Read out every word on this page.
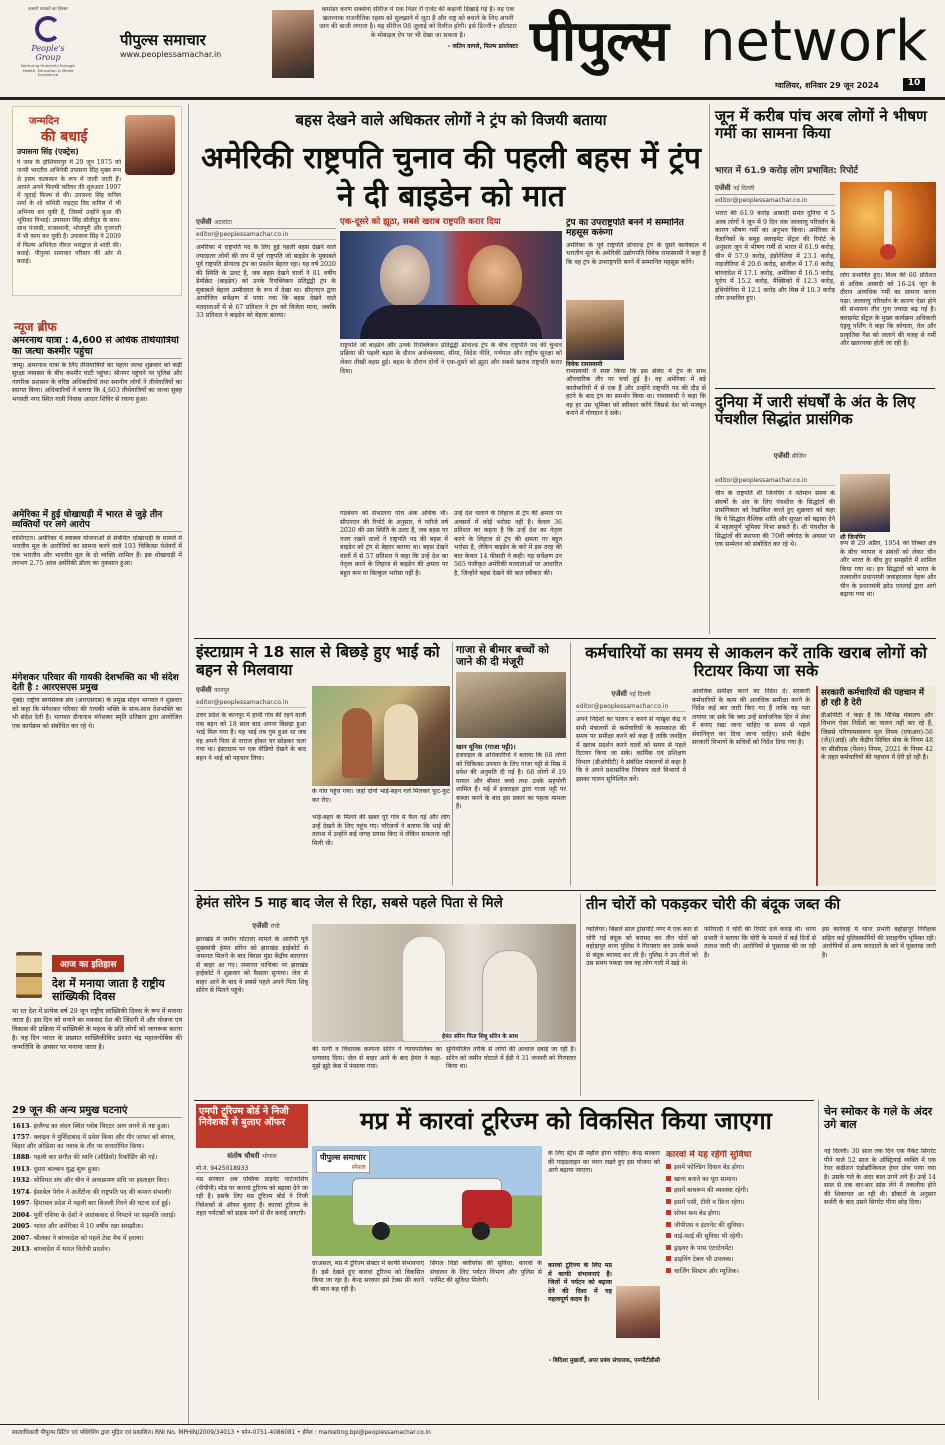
हजारों पाठकों का हिस्सा
People's Group
Nurturing Humanity through Health, Education & Media Excellence
पीपुल्स समाचार
www.peoplessamachar.in
कमांडर करण सक्सेना सीरीज में एक निडर रॉ एजेंट की कहानी दिखाई गई है। वह एक खतरनाक राजनीतिक रहस्य को सुलझाने में जुटा है और राष्ट्र को बचाने के लिए अपनी जान की बाजी लगाता है। यह सीरीज 08 जुलाई को रिलीज होगी। इसे डिज्नी+ हॉटस्टार के मोबाइल ऐप पर भी देखा जा सकता है।
- जतिन वागले, फिल्म डायरेक्टर पीपुल्स network
ग्वालियर, शनिवार 29 जून 2024	10
जन्मदिन
की बधाई
उपासना सिंह (एक्ट्रेस)
पं जाब के होशियारपुर में 29 जून 1975 को जन्मी भारतीय अभिनेत्री उपासना सिंह मुख्य रूप से हास्य कलाकार के रूप में जानी जाती हैं। आपने अपने फिल्मी करियर की शुरुआत 1997 में जुदाई फिल्म से की। उपासना सिंह कपिल शर्मा के शो कॉमेडी नाइट्स विद कपिल में भी अभिनय कर चुकी हैं, जिसमें उन्होंने बुआ की भूमिका निभाई। उपासना सिंह बॉलीवुड के साथ-साथ पंजाबी, राजस्थानी, भोजपुरी और गुजराती में भी काम कर चुकी हैं। उपासना सिंह ने 2009 में फिल्म अभिनेता नीरज भारद्वाज से शादी की। बधाई: पीपुल्स समाचार परिवार की ओर से बधाई।
न्यूज ब्रीफ
अमरनाथ यात्रा : 4,600 से अधिक तीर्थयात्रियों का जत्था कश्मीर पहुंचा
जम्मू। अमरनाथ यात्रा के लिए तीर्थयात्रियों का पहला जत्था शुक्रवार को कड़ी सुरक्षा व्यवस्था के बीच कश्मीर घाटी पहुंचा। श्रीनगर पहुंचने पर पुलिस और नागरिक प्रशासन के वरिष्ठ अधिकारियों तथा स्थानीय लोगों ने तीर्थयात्रियों का स्वागत किया। अधिकारियों ने बताया कि 4,603 तीर्थयात्रियों का जत्था सुबह भगवती नगर स्थित यात्री निवास आधार शिविर से रवाना हुआ।
अमेरिका में हुई धोखाधड़ी में भारत से जुड़े तीन व्यक्तियों पर लगे आरोप
वाशिंगटन। अमेरिका में स्वास्थ्य योजनाओं से संबंधित धोखाधड़ी के मामले में भारतीय मूल के आरोपियों का सामना करने वाले 193 चिकित्सा पेशेवरों में एक भारतीय और भारतीय मूल के दो व्यक्ति शामिल हैं। इस धोखाधड़ी में लगभग 2.75 अरब अमेरिकी डॉलर का नुकसान हुआ।
मंगेशकर परिवार की गायकी देशभक्ति का भी संदेश देती है : आरएसएस प्रमुख
मुंबई। राष्ट्रीय स्वयंसेवक संघ (आरएसएस) के प्रमुख मोहन भागवत ने शुक्रवार को कहा कि मंगेशकर परिवार की गायकी भक्ति के साथ-साथ देशभक्ति का भी संदेश देती है। भागवत दीनानाथ मंगेशकर स्मृति प्रतिष्ठान द्वारा आयोजित एक कार्यक्रम को संबोधित कर रहे थे।
आज का इतिहास
देश में मनाया जाता है राष्ट्रीय सांख्यिकी दिवस
भा रत देश में प्रत्येक वर्ष 29 जून राष्ट्रीय सांख्यिकी दिवस के रूप में मनाया जाता है। इस दिन को मनाने का मकसद देश की जिंदगी में और योजना एवं विकास की प्रक्रिया में सांख्यिकी के महत्व के प्रति लोगों को जागरूक करना है। यह दिन भारत के प्रख्यात सांख्यिकीविद प्रशांत चंद्र महालनोबिस की जन्मतिथि के अवसर पर मनाया जाता है।
29 जून की अन्य प्रमुख घटनाएं
1613- इंग्लैण्ड का लंदन स्थित ग्लोब थिएटर आग लगने से नष्ट हुआ।
1757- क्लाइव ने मुर्शिदाबाद में प्रवेश किया और मीर जाफर को बंगाल, बिहार और ओडिशा का नवाब के तौर पर सत्तारोपित किया।
1888- पहली बार संगीत की ध्वनि (ऑडियो) रिकॉर्डिंग की गई।
1913- दूसरा बाल्कन युद्ध शुरू हुआ।
1932- सोवियत संघ और चीन ने अनाक्रमण संधि पर हस्ताक्षर किए।
1974- ईसाबेल पेरोन ने अर्जेंटीना की राष्ट्रपति पद की कमान संभाली।
1997- हिमाचल प्रदेश में पहली बार बिजली गिरने की घटना दर्ज हुई।
2004- पूर्वी एशिया के देशों ने आतंकवाद से निपटने पर सहमति जताई।
2005- भारत और अमेरिका में 10 वर्षीय रक्षा समझौता।
2007- श्रीलंका ने बांग्लादेश को पहले टेस्ट मैच में हराया।
2013- बांग्लादेश में भारत विरोधी प्रदर्शन।
बहस देखने वाले अधिकतर लोगों ने ट्रंप को विजयी बताया
अमेरिकी राष्ट्रपति चुनाव की पहली बहस में ट्रंप ने दी बाइडेन को मात
एजेंसी अटलांटा
editor@peoplessamachar.co.in
अमेरिका में राष्ट्रपति पद के लिए हुई पहली बहस देखने वाले ज्यादातर लोगों की राय में पूर्व राष्ट्रपति जो बाइडेन के मुकाबले पूर्व राष्ट्रपति डोनाल्ड ट्रंप का प्रदर्शन बेहतर रहा। यह वर्ष 2020 की स्थिति के उलट है, जब बहस देखने वालों ने 81 वर्षीय डेमोक्रेट (बाइडेन) को उनके रिपब्लिकन प्रतिद्वंद्वी ट्रंप के मुकाबले बेहतर उम्मीदवार के रूप में देखा था। सीएनएन द्वारा आयोजित सर्वेक्षण में पाया गया कि बहस देखने वाले मतदाताओं में से 67 प्रतिशत ने ट्रंप को विजेता माना, जबकि 33 प्रतिशत ने बाइडेन को बेहतर बताया।
एक-दूसरे को झूठा, सबसे खराब राष्ट्रपति करार दिया
राष्ट्रपति जो बाइडेन और उनके रिपब्लिकन प्रतिद्वंद्वी डोनाल्ड ट्रंप के बीच राष्ट्रपति पद की चुनाव प्रक्रिया की पहली बहस के दौरान अर्थव्यवस्था, सीमा, विदेश नीति, गर्भपात और राष्ट्रीय सुरक्षा को लेकर तीखी बहस हुई। बहस के दौरान दोनों ने एक-दूसरे को झूठा और सबसे खराब राष्ट्रपति करार दिया।
गठबंधन को संभालना पांच अंक अधिक थी। सीएनएन की रिपोर्ट के अनुसार, ये नतीजे वर्ष 2020 की उस स्थिति के उलट हैं, जब बहस पर नजर रखने वालों ने राष्ट्रपति पद की बहस में बाइडेन को ट्रंप से बेहतर बताया था। बहस देखने वालों में से 57 प्रतिशत ने कहा कि उन्हें देश का नेतृत्व करने के लिहाज से बाइडेन की क्षमता पर बहुत कम या बिल्कुल भरोसा नहीं है।
उन्हें देश चलाने के लिहाज से ट्रंप की क्षमता पर अवसरों में कोई भरोसा नहीं है। केवल 36 प्रतिशत का कहना है कि उन्हें देश का नेतृत्व करने के लिहाज से ट्रंप की क्षमता पर बहुत भरोसा है, लेकिन बाइडेन के बारे में इस तरह की बात केवल 14 फीसदी ने कही। यह सर्वेक्षण उन 565 पंजीकृत अमेरिकी मतदाताओं पर आधारित है, जिन्होंने बहस देखने की बात स्वीकार की।
ट्रंप का उपराष्ट्रपति बनने में सम्मानित महसूस करूंगा
अमेरिका के पूर्व राष्ट्रपति डोनाल्ड ट्रंप के दूसरे कार्यकाल में भारतीय मूल के अमेरिकी उद्योगपति विवेक रामास्वामी ने कहा है कि वह ट्रंप के उपराष्ट्रपति बनने में सम्मानित महसूस करेंगे।
विवेक रामास्वामी
रामास्वामी ने स्पष्ट किया कि इस संबंध में ट्रंप के साथ औपचारिक तौर पर चर्चा हुई है। वह अमेरिका में बड़े कारोबारियों में से एक हैं और उन्होंने राष्ट्रपति पद की दौड़ से हटने के बाद ट्रंप का समर्थन किया था। रामास्वामी ने कहा कि वह हर उस भूमिका को स्वीकार करेंगे जिससे देश को मजबूत बनाने में योगदान दे सकें।
जून में करीब पांच अरब लोगों ने भीषण गर्मी का सामना किया
भारत में 61.9 करोड़ लोग प्रभावित: रिपोर्ट
एजेंसी नई दिल्ली
editor@peoplessamachar.co.in
भारत की 61.9 करोड़ आबादी समेत दुनिया में 5 अरब लोगों ने जून में 9 दिन तक जलवायु परिवर्तन के कारण भीषण गर्मी का अनुभव किया। अमेरिका में वैज्ञानिकों के समूह क्लाइमेट सेंट्रल की रिपोर्ट के अनुसार जून में भीषण गर्मी से भारत में 61.9 करोड़, चीन में 57.9 करोड़, इंडोनेशिया में 23.1 करोड़, नाइजीरिया में 20.6 करोड़, ब्राजील में 17.6 करोड़, बांग्लादेश में 17.1 करोड़, अमेरिका में 16.5 करोड़, यूरोप में 15.2 करोड़, मैक्सिको में 12.3 करोड़, इथियोपिया में 12.1 करोड़ और मिस्र में 10.3 करोड़ लोग प्रभावित हुए।
लोग प्रभावित हुए। विश्व की 60 प्रतिशत से अधिक आबादी को 16-24 जून के दौरान अत्यधिक गर्मी का सामना करना पड़ा। जलवायु परिवर्तन के कारण ऐसा होने की संभावना तीन गुना ज्यादा बढ़ गई है। क्लाइमेट सेंट्रल के मुख्य कार्यक्रम अधिकारी एंड्रयू पर्शिंग ने कहा कि कोयला, तेल और प्राकृतिक गैस को जलाने की वजह से गर्मी और खतरनाक होती जा रही है।
दुनिया में जारी संघर्षों के अंत के लिए पंचशील सिद्धांत प्रासंगिक
एजेंसी बीजिंग
editor@peoplessamachar.co.in
चीन के राष्ट्रपति शी जिनपिंग ने वर्तमान समय के संघर्षों के अंत के लिए पंचशील के सिद्धांतों की प्रासंगिकता को रेखांकित करते हुए शुक्रवार को कहा कि ये सिद्धांत वैश्विक शांति और सुरक्षा को बढ़ावा देने में महत्वपूर्ण भूमिका निभा सकते हैं। शी पंचशील के सिद्धांतों की स्थापना की 70वीं वर्षगांठ के अवसर पर एक सम्मेलन को संबोधित कर रहे थे।
शी जिनपिंग
रूप से 29 अप्रैल, 1954 को तिब्बत क्षेत्र के बीच व्यापार व संबंधों को लेकर चीन और भारत के बीच हुए समझौते में शामिल किया गया था। इन सिद्धांतों को भारत के तत्कालीन प्रधानमंत्री जवाहरलाल नेहरू और चीन के प्रधानमंत्री झोउ एनलाई द्वारा आगे बढ़ाया गया था।
इंस्टाग्राम ने 18 साल से बिछड़े हुए भाई को बहन से मिलवाया
एजेंसी कानपुर
editor@peoplessamachar.co.in
उत्तर प्रदेश के कानपुर में हाथी गांव की रहने वाली एक बहन को 18 साल बाद अपना बिछड़ा हुआ भाई मिल गया है। यह भाई तब गुम हुआ था जब वह अपने पिता से नाराज होकर घर छोड़कर चला गया था। इंस्टाग्राम पर एक वीडियो देखने के बाद बहन ने भाई को पहचान लिया।
के गांव पहुंच गया। जहां दोनों भाई-बहन गले मिलकर फूट-फूट कर रोए।
भाई-बहन के मिलने की खबर पूरे गांव में फैल गई और लोग उन्हें देखने के लिए पहुंच गए। परिजनों ने बताया कि भाई की तलाश में उन्होंने कई जगह प्रयास किए थे लेकिन सफलता नहीं मिली थी।
गाजा से बीमार बच्चों को जाने की दी मंजूरी
खान यूनिस (गाजा पट्टी)।
इजराइल के अधिकारियों ने बताया कि 68 लोगों को चिकित्सा उपचार के लिए गाजा पट्टी से मिस्र में प्रवेश की अनुमति दी गई है। 68 लोगों में 19 घायल और बीमार बच्चे तथा उनके सहयोगी शामिल हैं। मई में इजराइल द्वारा गाजा पट्टी पर कब्जा करने के बाद इस प्रकार का पहला मामला है।
कर्मचारियों का समय से आकलन करें ताकि खराब लोगों को रिटायर किया जा सके
एजेंसी नई दिल्ली
editor@peoplessamachar.co.in
अपने निर्देशों का पालन न करने से नाखुश केंद्र ने सभी मंत्रालयों से कर्मचारियों के कामकाज की समय पर समीक्षा करने को कहा है ताकि जनहित में खराब प्रदर्शन करने वालों को समय से पहले रिटायर किया जा सके। कार्मिक एवं प्रशिक्षण विभाग (डीओपीटी) ने संबंधित मंत्रालयों से कहा है कि वे अपने प्रशासनिक नियंत्रण वाले विभागों में इसका पालन सुनिश्चित करें।
आवधिक समीक्षा करने का निर्देश दे। सरकारी कर्मचारियों के काम की आवधिक समीक्षा करने के निर्देश कई बार जारी किए गए हैं ताकि यह पता लगाया जा सके कि क्या उन्हें सार्वजनिक हित में सेवा में बनाए रखा जाना चाहिए या समय से पहले सेवानिवृत्त कर दिया जाना चाहिए। सभी केंद्रीय सरकारी विभागों के सचिवों को निर्देश दिया गया है।
सरकारी कर्मचारियों की पहचान में हो रही है देरी
डीओपीटी ने कहा है कि विभिन्न मंत्रालय और विभाग ऐसा निर्देशों का पालन नहीं कर रहे हैं, जिससे परिणामस्वरूप मूल नियम (एफआर)-56 (जे)/(आई) और केंद्रीय सिविल सेवा के नियम 48 या सीसीएस (पेंशन) नियम, 2021 के नियम 42 के तहत कर्मचारियों की पहचान में देरी हो रही है।
हेमंत सोरेन 5 माह बाद जेल से रिहा, सबसे पहले पिता से मिले
एजेंसी रांची
झारखंड में जमीन घोटाला मामले के आरोपी पूर्व मुख्यमंत्री हेमंत सोरेन को झारखंड हाईकोर्ट से जमानत मिलने के बाद बिरसा मुंडा केंद्रीय कारागार से बाहर आ गए। जमानत याचिका पर झारखंड हाईकोर्ट ने शुक्रवार को फैसला सुनाया। जेल से बाहर आने के बाद वे सबसे पहले अपने पिता शिबू सोरेन से मिलने पहुंचे।
हेमंत सोरेन पिता शिबू सोरेन के साथ
की पत्नी व विधायक कल्पना सोरेन ने न्यायपालिका का धन्यवाद दिया। जेल से बाहर आने के बाद हेमंत ने कहा- मुझे झूठे केस में फंसाया गया।
सुनियोजित तरीके से लोगों की आवाज दबाई जा रही है। सोरेन को जमीन घोटाले में ईडी ने 31 जनवरी को गिरफ्तार किया था।
तीन चोरों को पकड़कर चोरी की बंदूक जब्त की
ग्वालियर। बिछले साल ट्रांसपोर्ट नगर में एक कार से चोरी गई बंदूक को बरामद कर तीन चोरों को बहोड़ापुर थाना पुलिस ने गिरफ्तार कर उनके कब्जे से बंदूक बरामद कर ली है। पुलिस ने उन तीनों को उस समय पकड़ा जब वह लोग गली में खड़े थे।
फरियादी ने चोरी की रिपोर्ट दर्ज कराई थी। थाना प्रभारी ने बताया कि चोरी के मामले में कई दिनों से तलाश जारी थी। आरोपियों से पूछताछ की जा रही है।
इस कार्रवाई में थाना प्रभारी बहोड़ापुर निरीक्षक सहित कई पुलिसकर्मियों की सराहनीय भूमिका रही। आरोपियों से अन्य वारदातों के बारे में पूछताछ जारी है।
एमपी टूरिज्म बोर्ड ने निजी निवेशकों से बुलाए ऑफर
संतोष चौधरी भोपाल
मो.नं. 9425018933
मप्र सरकार अब पब्लिक प्राइवेट पार्टनरशिप (पीपीपी) मोड पर कारवां टूरिज्म को बढ़ावा देने जा रही है। इसके लिए मप्र टूरिज्म बोर्ड ने निजी निवेशकों से ऑफर बुलाए हैं। कारवां टूरिज्म के तहत पर्यटकों को सड़क मार्ग से सैर कराई जाएगी।
मप्र में कारवां टूरिज्म को विकसित किया जाएगा
पीपुल्स समाचार
स्पेशल
दरअसल, मप्र में टूरिज्म सेक्टर में काफी संभावनाएं हैं। इसे देखते हुए कारवां टूरिज्म को विकसित किया जा रहा है। केन्द्र सरकार इसे टेक्स फ्री करने की बात कह रही है।
सिंगल विंडो क्लीयरेंस की सुविधा: कारवां के संचालन के लिए पर्यटन विभाग और पुलिस से परमिट की सुविधा मिलेगी।
के लिए स्ट्रेंथ प्री महौल होना चाहिए। केन्द्र सरकार की गाइडलाइन का ध्यान रखते हुए इस योजना को आगे बढ़ाया जाएगा।
कारवां टूरिज्म के लिए मप्र में काफी संभावनाएं हैं। जिलों में पर्यटन को बढ़ावा देने की दिशा में यह महत्वपूर्ण कदम है।
- बिदिशा मुखर्जी, अपर प्रबंध संचालक, एमपीटीडीसी
कारवां में यह रहेंगी सुविधा
इसमें फोल्डिंग दिवान बेड होगा।
खाना बनाने का पूरा सामान।
इसमें बाथरूम की व्यवस्था रहेगी।
इसमें एसी, टीवी व फ्रिज रहेगा।
सोफा कम बेड होगा।
जीपीएस व इंटरनेट की सुविधा।
वाई-फाई की सुविधा भी रहेगी।
ड्राइवर के पास एंटरटेनमेंट।
डाइनिंग टेबल भी उपलब्ध।
चार्जिंग सिस्टम और म्यूजिक।
चेन स्मोकर के गले के अंदर उगे बाल
नई दिल्ली। 30 साल तक दिन एक पैकेट सिगरेट पीने वाले 52 साल के ऑस्ट्रियाई व्यक्ति में एक रेयर कंडीशन एंडोब्रॉन्कियल हेयर ग्रोथ पाया गया है। उसके गले के अंदर बाल उगने लगे हैं। उन्हें 14 साल से तक बार-बार सांस लेने में तकलीफ होने की शिकायत आ रही थी। डॉक्टरों के अनुसार सर्जरी के बाद उसने सिगरेट पीना छोड़ दिया।
स्वत्वाधिकारी पीपुल्स प्रिंटिंग एवं पब्लिशिंग द्वारा मुद्रित एवं प्रकाशित। RNI No. MPHIN/2009/34013 • फोन-0751-4086081 • ईमेल : marketing.bpl@peoplessamachar.co.in
